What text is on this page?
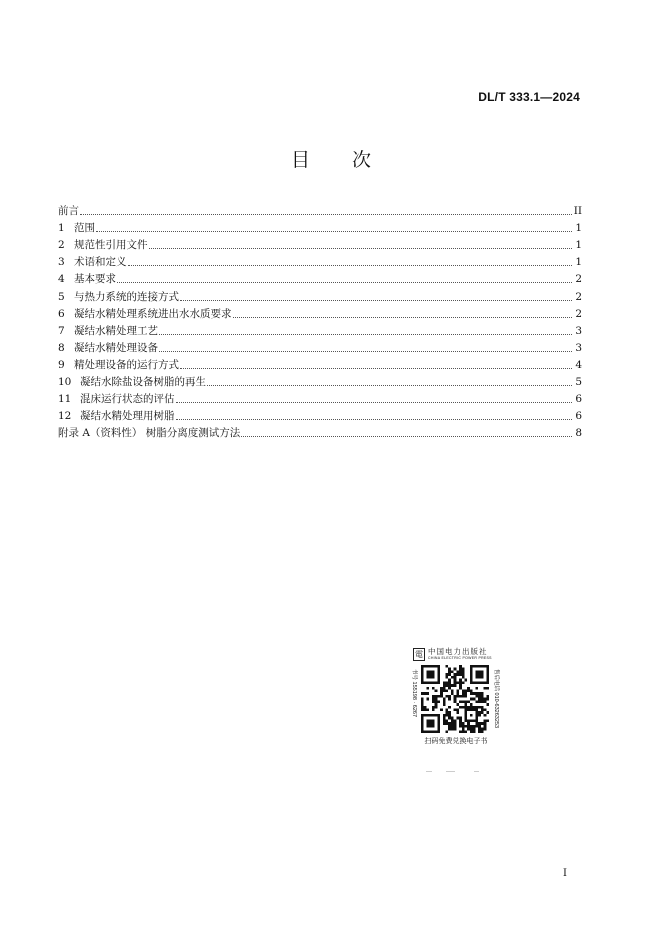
DL/T 333.1—2024
目次
前言	II
1 范围	1
2 规范性引用文件	1
3 术语和定义	1
4 基本要求	2
5 与热力系统的连接方式	2
6 凝结水精处理系统进出水水质要求	2
7 凝结水精处理工艺	3
8 凝结水精处理设备	3
9 精处理设备的运行方式	4
10 凝结水除盐设备树脂的再生	5
11 混床运行状态的评估	6
12 凝结水精处理用树脂	6
附录 A（资料性） 树脂分离度测试方法	8
電 中国电力出版社
CHINA ELECTRIC POWER PRESS
书号 155198 · 6267	售后电话 010-63263253
扫码免费兑换电子书
I
